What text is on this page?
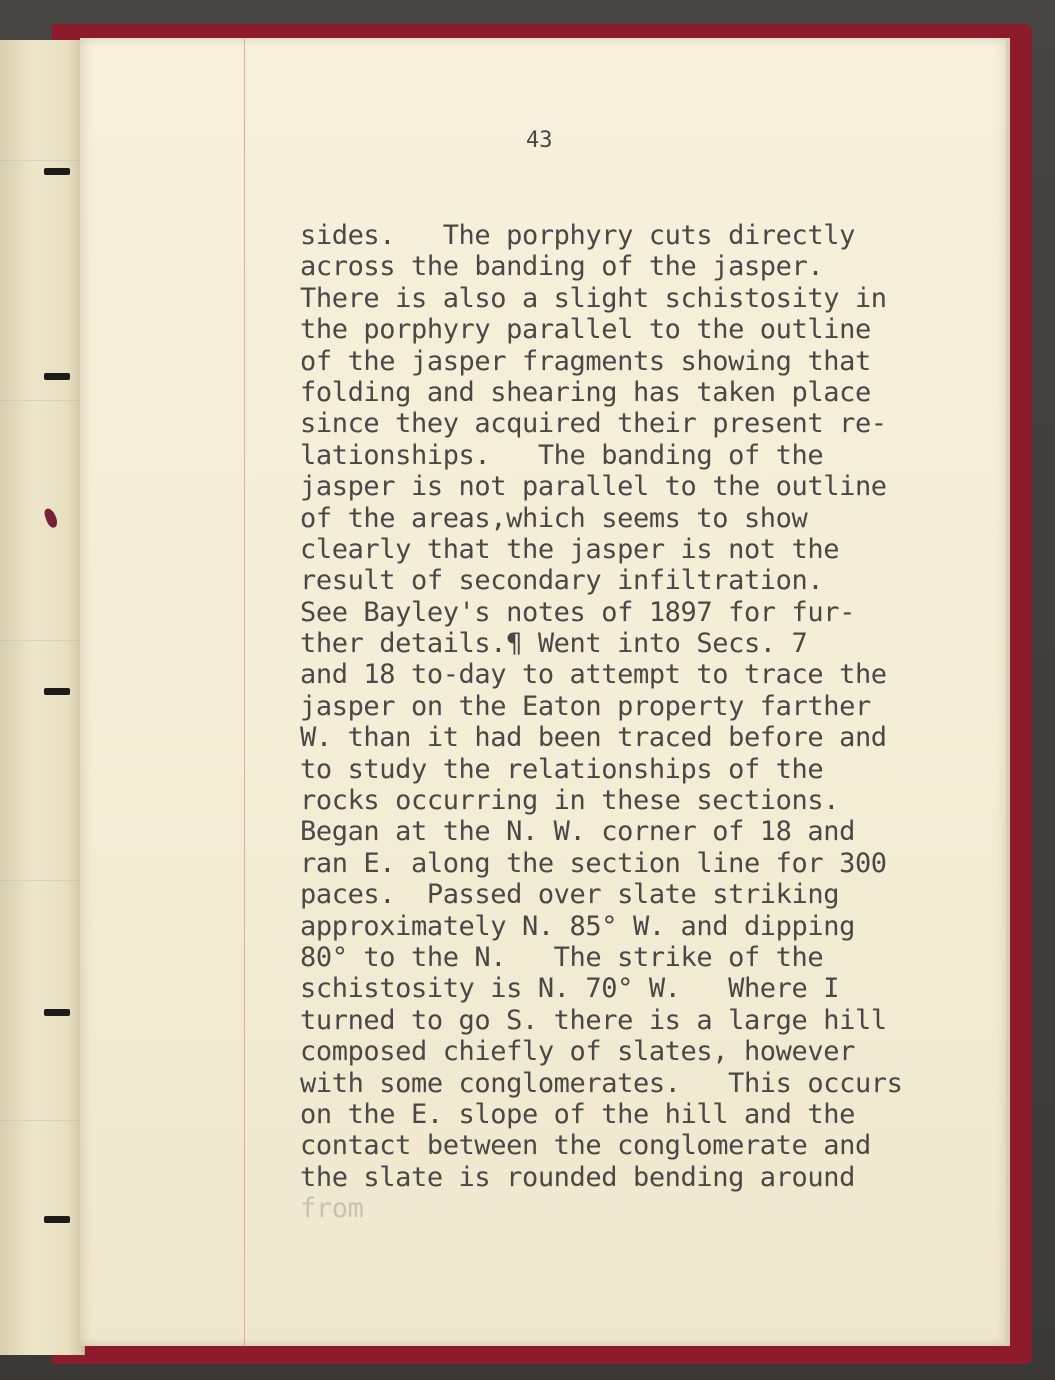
43
sides.   The porphyry cuts directly
across the banding of the jasper.
There is also a slight schistosity in
the porphyry parallel to the outline
of the jasper fragments showing that
folding and shearing has taken place
since they acquired their present re-
lationships.   The banding of the
jasper is not parallel to the outline
of the areas,which seems to show
clearly that the jasper is not the
result of secondary infiltration.
See Bayley's notes of 1897 for fur-
ther details.¶ Went into Secs. 7
and 18 to-day to attempt to trace the
jasper on the Eaton property farther
W. than it had been traced before and
to study the relationships of the
rocks occurring in these sections.
Began at the N. W. corner of 18 and
ran E. along the section line for 300
paces.  Passed over slate striking
approximately N. 85° W. and dipping
80° to the N.   The strike of the
schistosity is N. 70° W.   Where I
turned to go S. there is a large hill
composed chiefly of slates, however
with some conglomerates.   This occurs
on the E. slope of the hill and the
contact between the conglomerate and
the slate is rounded bending around
from
